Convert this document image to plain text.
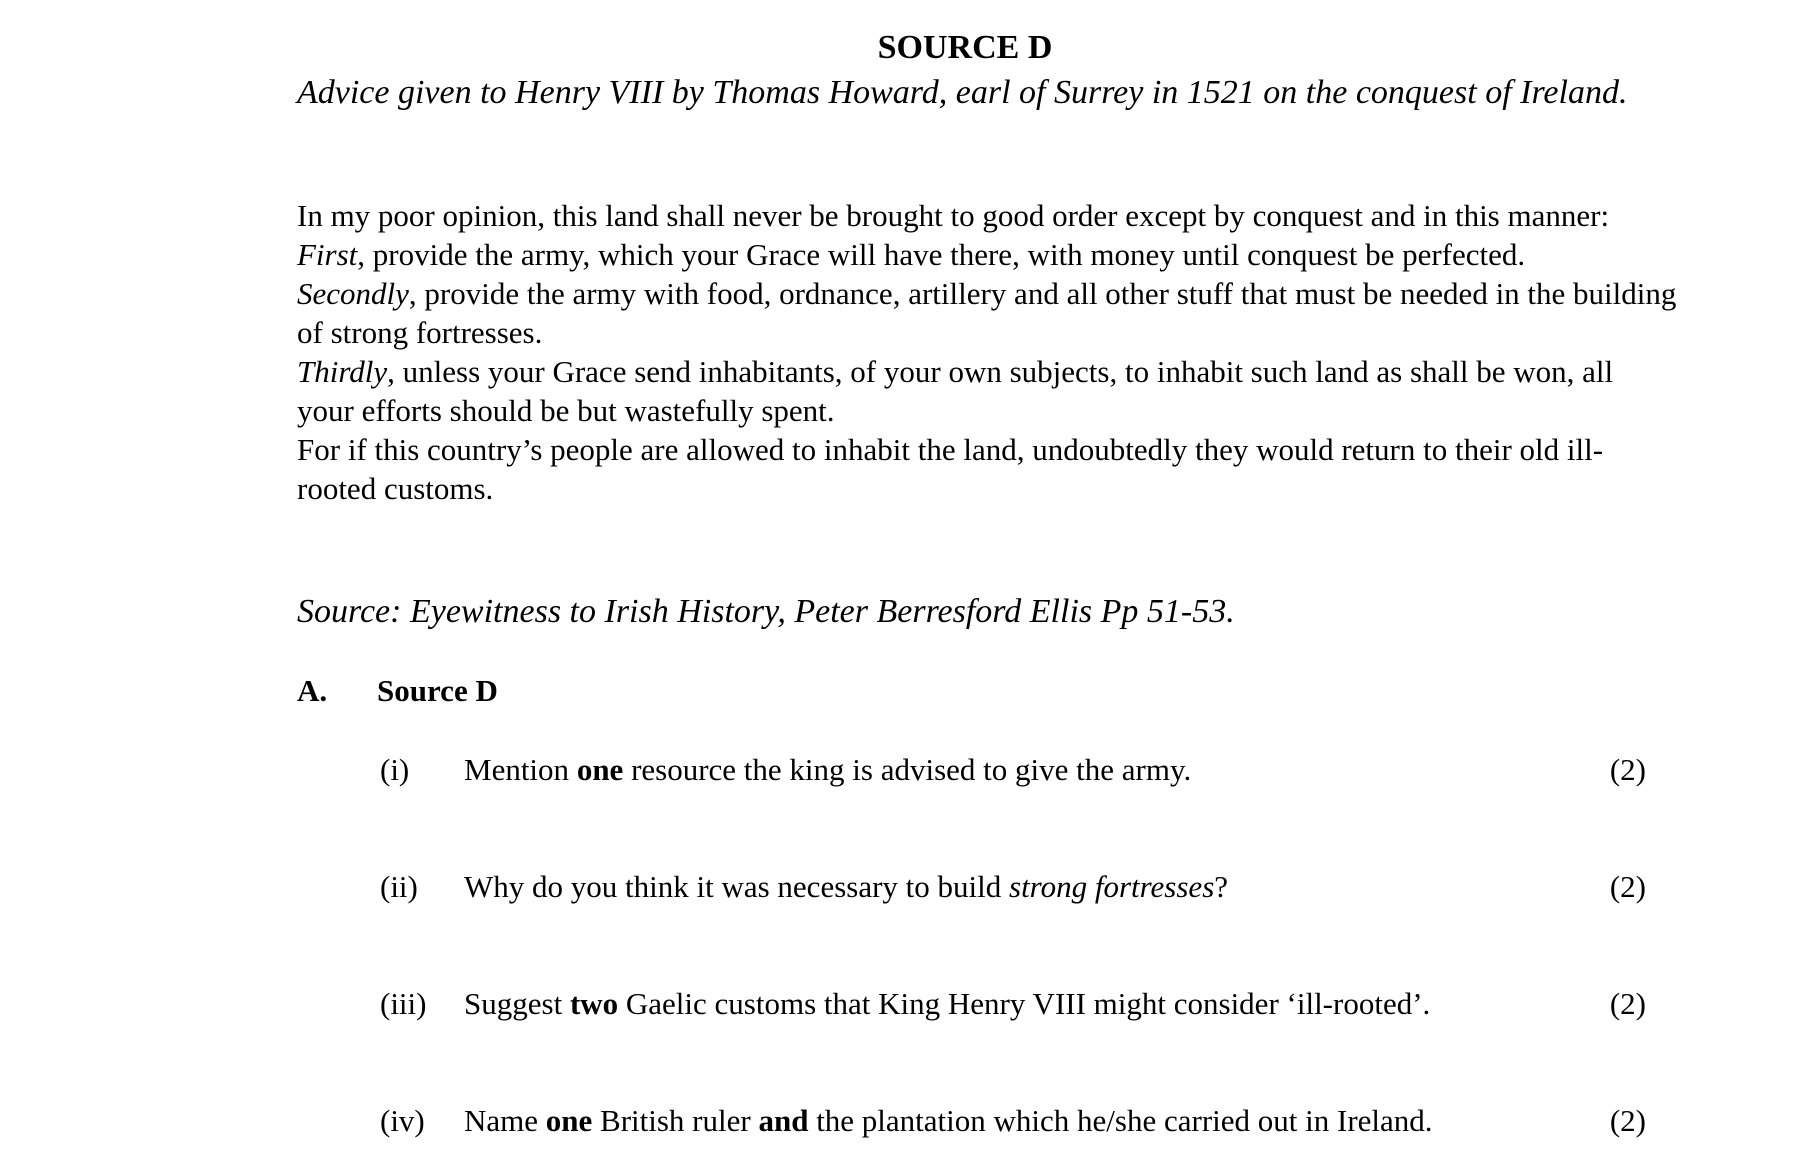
SOURCE D
Advice given to Henry VIII by Thomas Howard, earl of Surrey in 1521 on the conquest of Ireland.

In my poor opinion, this land shall never be brought to good order except by conquest and in this manner:

First, provide the army, which your Grace will have there, with money until conquest be perfected.

Secondly, provide the army with food, ordnance, artillery and all other stuff that must be needed in the building of strong fortresses.

Thirdly, unless your Grace send inhabitants, of your own subjects, to inhabit such land as shall be won, all your efforts should be but wastefully spent.

For if this country’s people are allowed to inhabit the land, undoubtedly they would return to their old ill-rooted customs.

Source: Eyewitness to Irish History, Peter Berresford Ellis Pp 51-53.
A. Source D
(i) Mention one resource the king is advised to give the army.	(2)
(ii) Why do you think it was necessary to build strong fortresses?	(2)
(iii) Suggest two Gaelic customs that King Henry VIII might consider ‘ill-rooted’.	(2)
(iv) Name one British ruler and the plantation which he/she carried out in Ireland.	(2)
